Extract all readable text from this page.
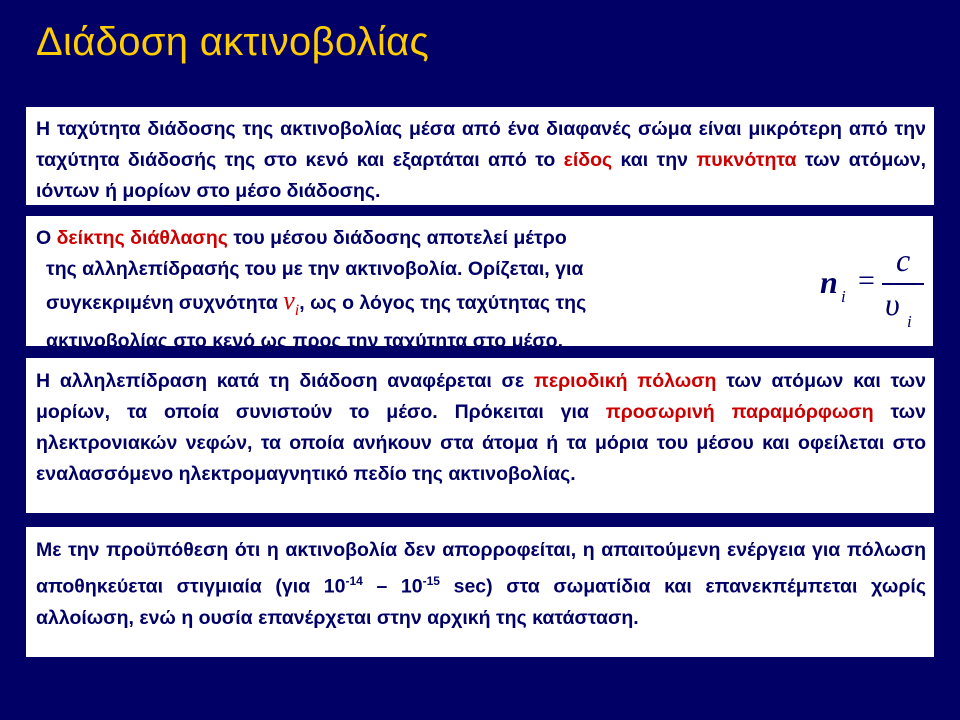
Διάδοση ακτινοβολίας
Η ταχύτητα διάδοσης της ακτινοβολίας μέσα από ένα διαφανές σώμα είναι μικρότερη από την ταχύτητα διάδοσής της στο κενό και εξαρτάται από το είδος και την πυκνότητα των ατόμων, ιόντων ή μορίων στο μέσο διάδοσης.
Ο δείκτης διάθλασης του μέσου διάδοσης αποτελεί μέτρο
της αλληλεπίδρασής του με την ακτινοβολία. Ορίζεται, για
συγκεκριμένη συχνότητα $\nu_i$, ως ο λόγος της ταχύτητας της
ακτινοβολίας στο κενό ως προς την ταχύτητα στο μέσο.
n i =
c
υ i
Η αλληλεπίδραση κατά τη διάδοση αναφέρεται σε περιοδική πόλωση των ατόμων και των μορίων, τα οποία συνιστούν το μέσο. Πρόκειται για προσωρινή παραμόρφωση των ηλεκτρονιακών νεφών, τα οποία ανήκουν στα άτομα ή τα μόρια του μέσου και οφείλεται στο εναλασσόμενο ηλεκτρομαγνητικό πεδίο της ακτινοβολίας.
Με την προϋπόθεση ότι η ακτινοβολία δεν απορροφείται, η απαιτούμενη ενέργεια για πόλωση αποθηκεύεται στιγμιαία (για $10^{-14} - 10^{-15}$ sec) στα σωματίδια και επανεκπέμπεται χωρίς αλλοίωση, ενώ η ουσία επανέρχεται στην αρχική της κατάσταση.
